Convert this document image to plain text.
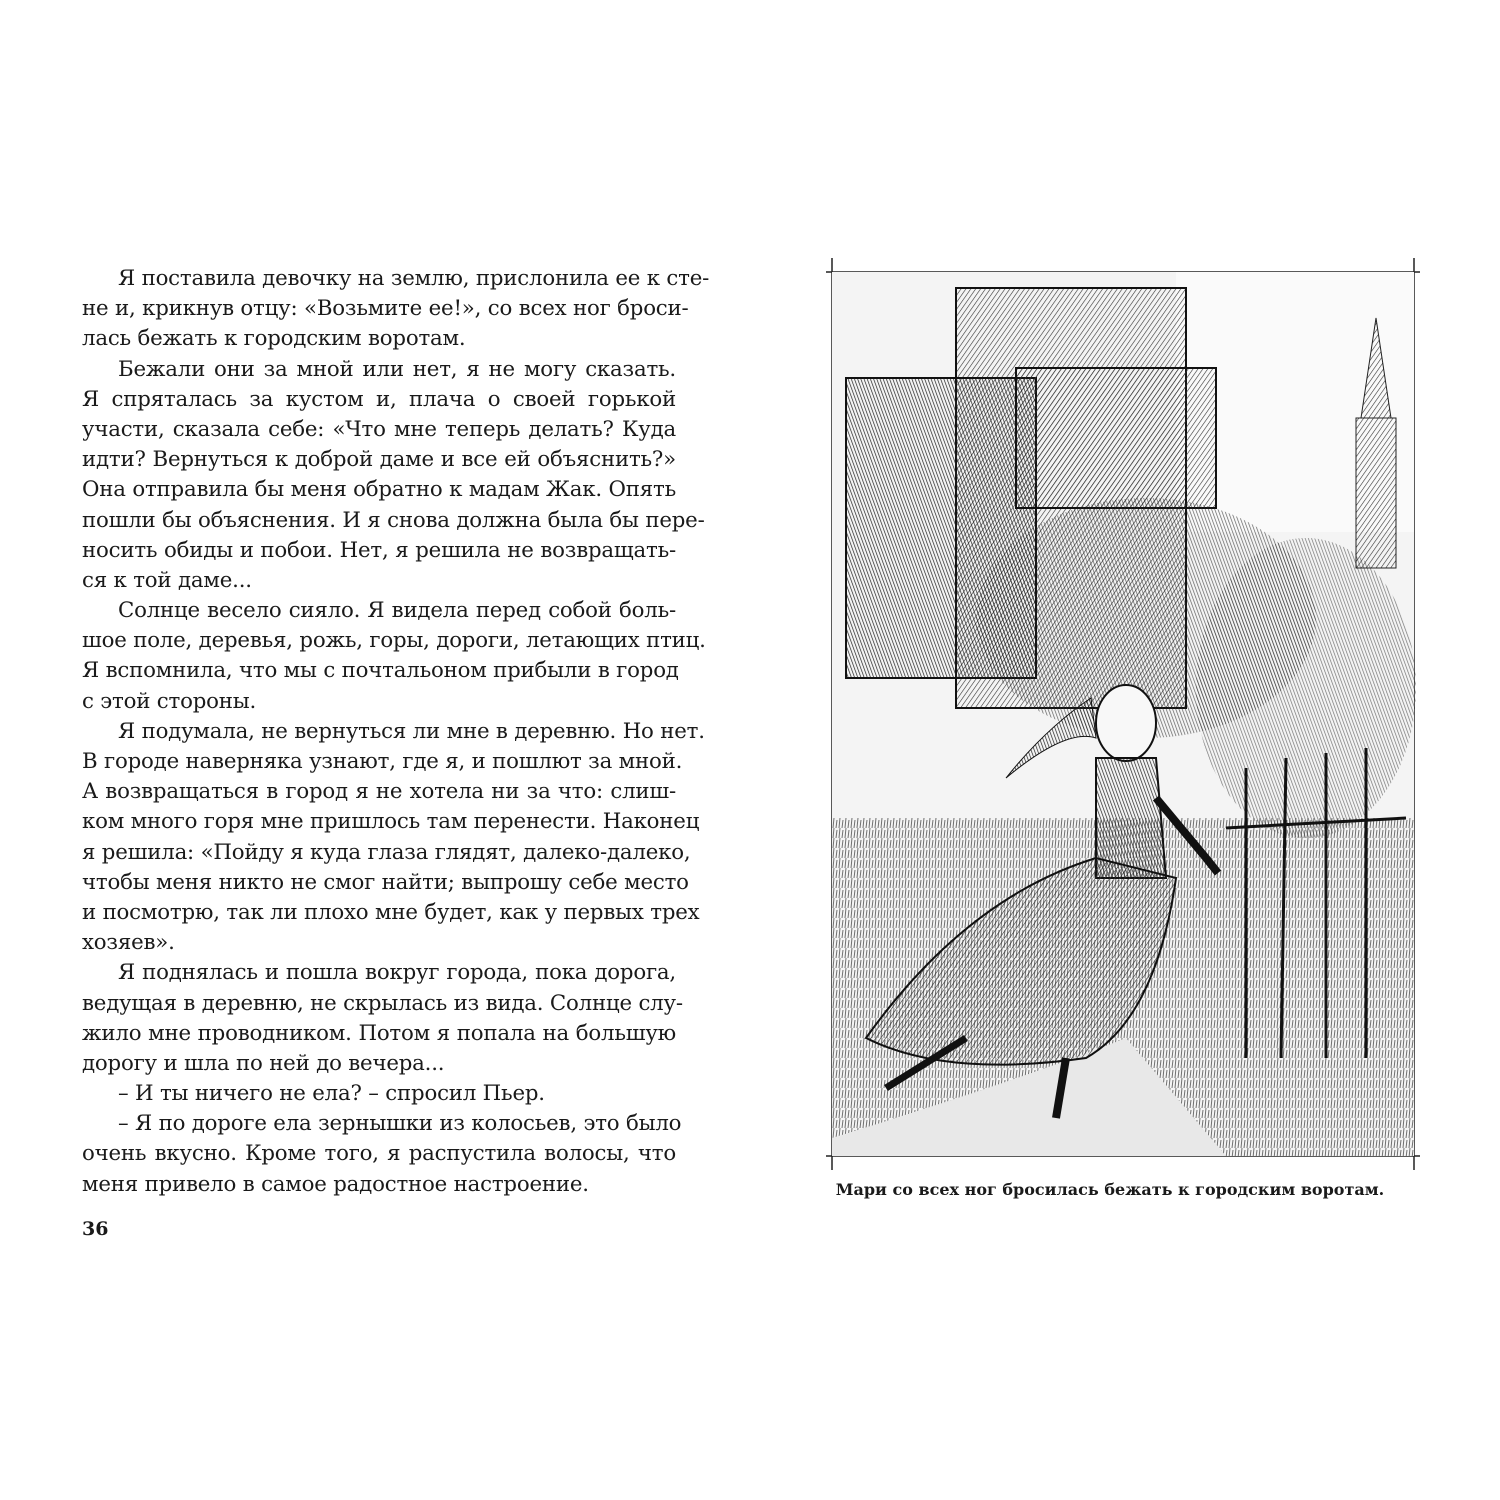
Я поставила девочку на землю, прислонила ее к сте-
не и, крикнув отцу: «Возьмите ее!», со всех ног броси-
лась бежать к городским воротам.
Бежали они за мной или нет, я не могу сказать.
Я спряталась за кустом и, плача о своей горькой
участи, сказала себе: «Что мне теперь делать? Куда
идти? Вернуться к доброй даме и все ей объяснить?»
Она отправила бы меня обратно к мадам Жак. Опять
пошли бы объяснения. И я снова должна была бы пере-
носить обиды и побои. Нет, я решила не возвращать-
ся к той даме...
Солнце весело сияло. Я видела перед собой боль-
шое поле, деревья, рожь, горы, дороги, летающих птиц.
Я вспомнила, что мы с почтальоном прибыли в город
с этой стороны.
Я подумала, не вернуться ли мне в деревню. Но нет.
В городе наверняка узнают, где я, и пошлют за мной.
А возвращаться в город я не хотела ни за что: слиш-
ком много горя мне пришлось там перенести. Наконец
я решила: «Пойду я куда глаза глядят, далеко-далеко,
чтобы меня никто не смог найти; выпрошу себе место
и посмотрю, так ли плохо мне будет, как у первых трех
хозяев».
Я поднялась и пошла вокруг города, пока дорога,
ведущая в деревню, не скрылась из вида. Солнце слу-
жило мне проводником. Потом я попала на большую
дорогу и шла по ней до вечера...
– И ты ничего не ела? – спросил Пьер.
– Я по дороге ела зернышки из колосьев, это было
очень вкусно. Кроме того, я распустила волосы, что
меня привело в самое радостное настроение.
36
Мари со всех ног бросилась бежать к городским воротам.
